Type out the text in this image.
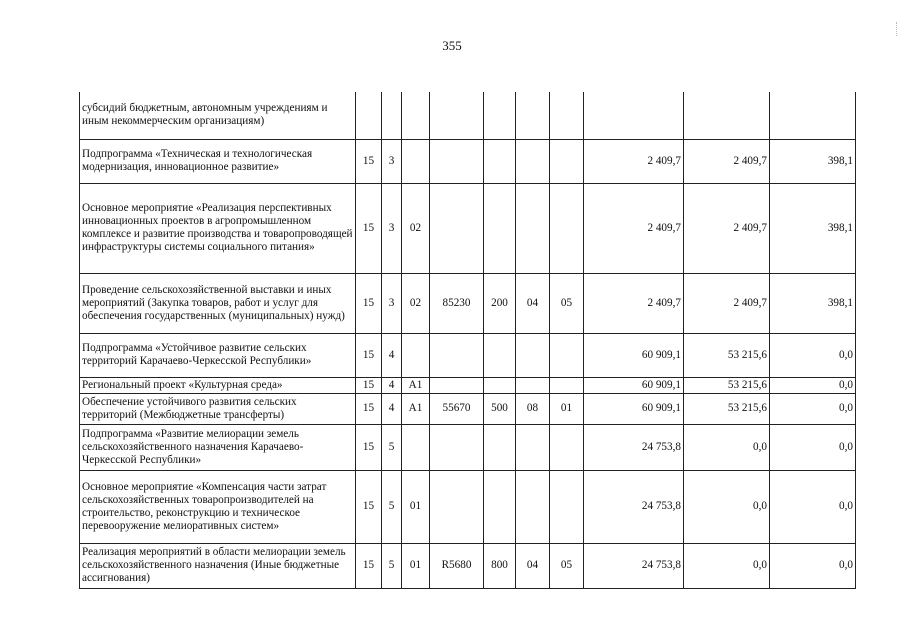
355
субсидий бюджетным, автономным учреждениям и иным некоммерческим организациям)										
Подпрограмма «Техническая и технологическая модернизация, инновационное развитие»	15	3						2 409,7	2 409,7	398,1
Основное мероприятие «Реализация перспективных инновационных проектов в агропромышленном комплексе и развитие производства и товаропроводящей инфраструктуры системы социального питания»	15	3	02					2 409,7	2 409,7	398,1
Проведение сельскохозяйственной выставки и иных мероприятий (Закупка товаров, работ и услуг для обеспечения государственных (муниципальных) нужд)	15	3	02	85230	200	04	05	2 409,7	2 409,7	398,1
Подпрограмма «Устойчивое развитие сельских территорий Карачаево-Черкесской Республики»	15	4						60 909,1	53 215,6	0,0
Региональный проект «Культурная среда»	15	4	A1					60 909,1	53 215,6	0,0
Обеспечение устойчивого развития сельских территорий (Межбюджетные трансферты)	15	4	A1	55670	500	08	01	60 909,1	53 215,6	0,0
Подпрограмма «Развитие мелиорации земель сельскохозяйственного назначения Карачаево-Черкесской Республики»	15	5						24 753,8	0,0	0,0
Основное мероприятие «Компенсация части затрат сельскохозяйственных товаропроизводителей на строительство, реконструкцию и техническое перевооружение мелиоративных систем»	15	5	01					24 753,8	0,0	0,0
Реализация мероприятий в области мелиорации земель сельскохозяйственного назначения (Иные бюджетные ассигнования)	15	5	01	R5680	800	04	05	24 753,8	0,0	0,0
